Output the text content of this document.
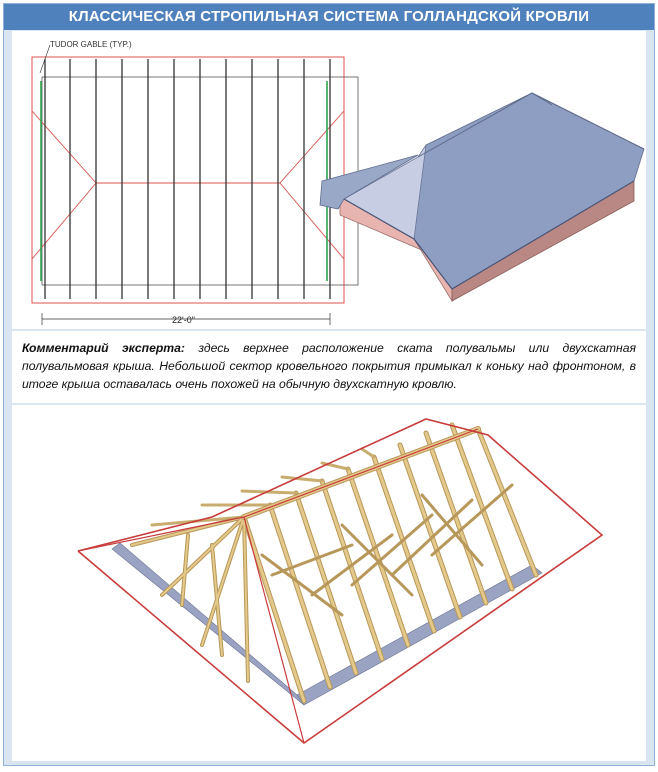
КЛАССИЧЕСКАЯ СТРОПИЛЬНАЯ СИСТЕМА ГОЛЛАНДСКОЙ КРОВЛИ
TUDOR GABLE (TYP.)
22'-0"
Комментарий эксперта: здесь верхнее расположение ската полувальмы или двухскатная полувальмовая крыша. Небольшой сектор кровельного покрытия примыкал к коньку над фронтоном, в итоге крыша оставалась очень похожей на обычную двухскатную кровлю.
